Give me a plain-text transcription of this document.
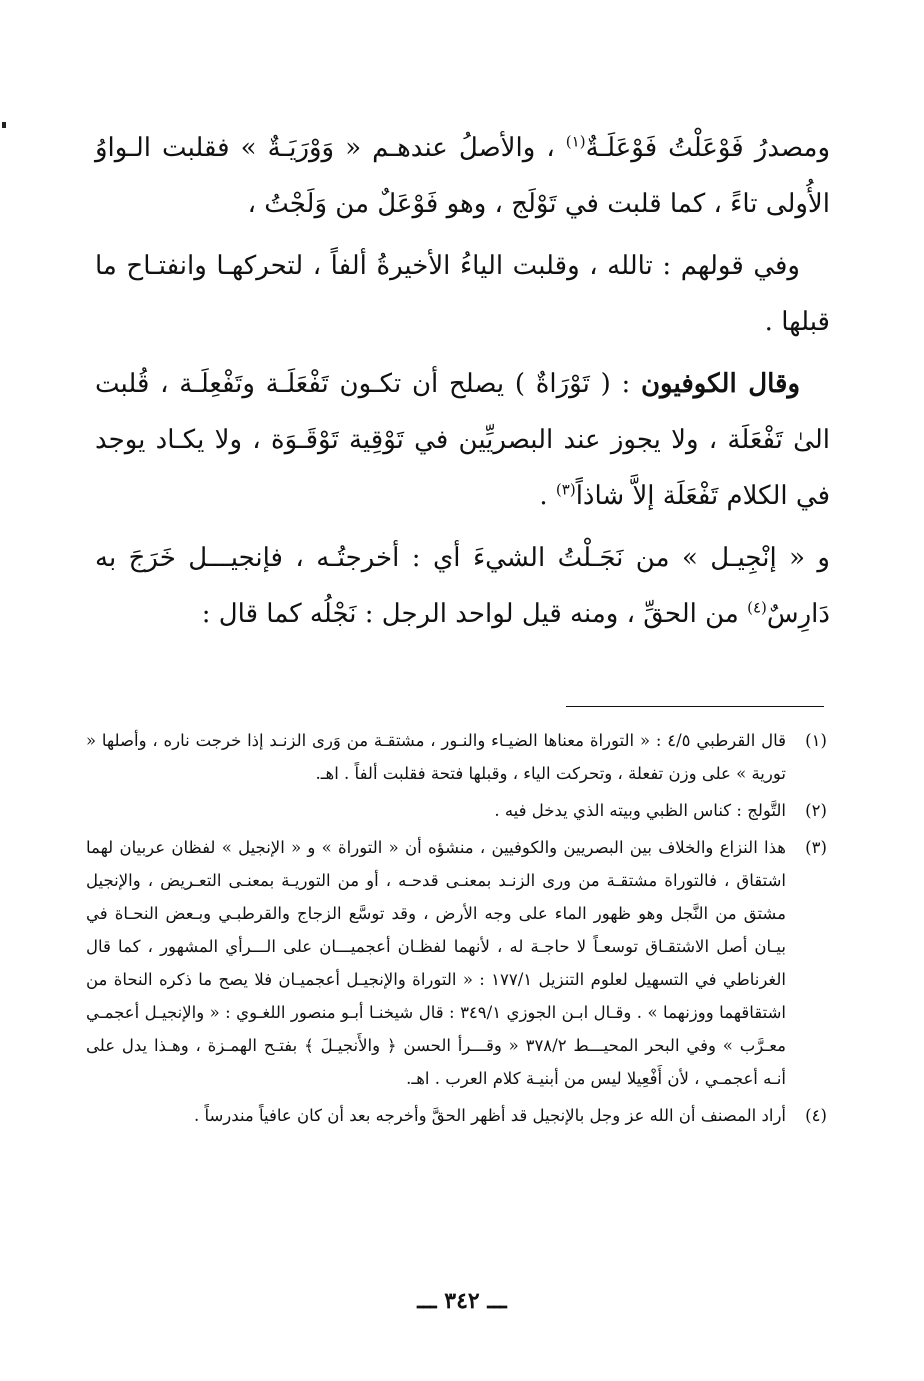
ومصدرُ فَوْعَلْتُ فَوْعَلَـةٌ$^{(١)}$ ، والأصلُ عندهـم « وَوْرَيَـةٌ » فقلبت الـواوُ الأُولى تاءً ، كما قلبت في تَوْلَج ، وهو فَوْعَلٌ من وَلَجْتُ ،

وفي قولهم : تالله ، وقلبت الياءُ الأخيرةُ ألفاً ، لتحركهـا وانفتـاح ما قبلها .

وقال الكوفيون : ( تَوْرَاةٌ ) يصلح أن تكـون تَفْعَلَـة وتَفْعِلَـة ، قُلبت الىٰ تَفْعَلَة ، ولا يجوز عند البصريِّين في تَوْقِية تَوْقَـوَة ، ولا يكـاد يوجد في الكلام تَفْعَلَة إلاَّ شاذاً$^{(٣)}$ .

و « إنْجِيـل » من نَجَـلْتُ الشيءَ أي : أخرجتُـه ، فإنجيـــل خَرَجَ به دَارِسٌ$^{(٤)}$ من الحقِّ ، ومنه قيل لواحد الرجل : نَجْلُه كما قال :

(١)
قال القرطبي ٤/٥ : « التوراة معناها الضيـاء والنـور ، مشتقـة من وَرى الزنـد إذا خرجت ناره ، وأصلها « تورية » على وزن تفعلة ، وتحركت الياء ، وقبلها فتحة فقلبت ألفاً . اهـ.
(٢)
التَّولج : كناس الظبي وبيته الذي يدخل فيه .
(٣)
هذا النزاع والخلاف بين البصريين والكوفيين ، منشؤه أن « التوراة » و « الإنجيل » لفظان عربيان لهما اشتقاق ، فالتوراة مشتقـة من ورى الزنـد بمعنـى قدحـه ، أو من التوريـة بمعنـى التعـريض ، والإنجيل مشتق من النَّجل وهو ظهور الماء على وجه الأرض ، وقد توسَّع الزجاج والقرطبـي وبـعض النحـاة في بيـان أصل الاشتقـاق توسعـاً لا حاجـة له ، لأنهما لفظـان أعجميـــان على الـــرأي المشهور ، كما قال الغرناطي في التسهيل لعلوم التنزيل ١٧٧/١ : « التوراة والإنجيـل أعجميـان فلا يصح ما ذكره النحاة من اشتقاقهما ووزنهما » . وقـال ابـن الجوزي ٣٤٩/١ : قال شيخنـا أبـو منصور اللغـوي : « والإنجيـل أعجمـي معـرَّب » وفي البحر المحيـــط ٣٧٨/٢ « وقـــرأ الحسن ﴿ والأَنجيـلَ ﴾ بفتـح الهمـزة ، وهـذا يدل على أنـه أعجمـي ، لأن أَفْعِيلا ليس من أبنيـة كلام العرب . اهـ.
(٤)
أراد المصنف أن الله عز وجل بالإنجيل قد أظهر الحقَّ وأخرجه بعد أن كان عافياً مندرساً .
ـــ ٣٤٢ ـــ
